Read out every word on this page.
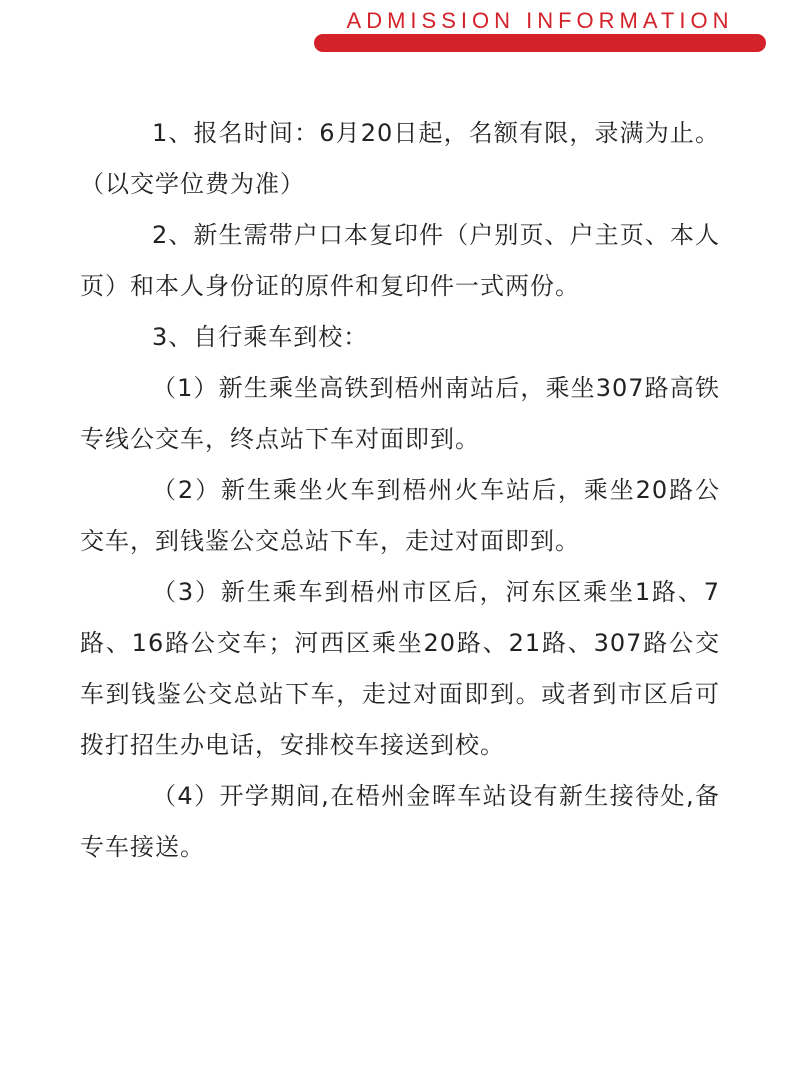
ADMISSION INFORMATION

1、报名时间：6月20日起，名额有限，录满为止。（以交学位费为准）

2、新生需带户口本复印件（户别页、户主页、本人页）和本人身份证的原件和复印件一式两份。

3、自行乘车到校：

（1）新生乘坐高铁到梧州南站后，乘坐307路高铁专线公交车，终点站下车对面即到。

（2）新生乘坐火车到梧州火车站后，乘坐20路公交车，到钱鉴公交总站下车，走过对面即到。

（3）新生乘车到梧州市区后，河东区乘坐1路、7路、16路公交车；河西区乘坐20路、21路、307路公交车到钱鉴公交总站下车，走过对面即到。或者到市区后可拨打招生办电话，安排校车接送到校。

（4）开学期间,在梧州金晖车站设有新生接待处,备专车接送。
